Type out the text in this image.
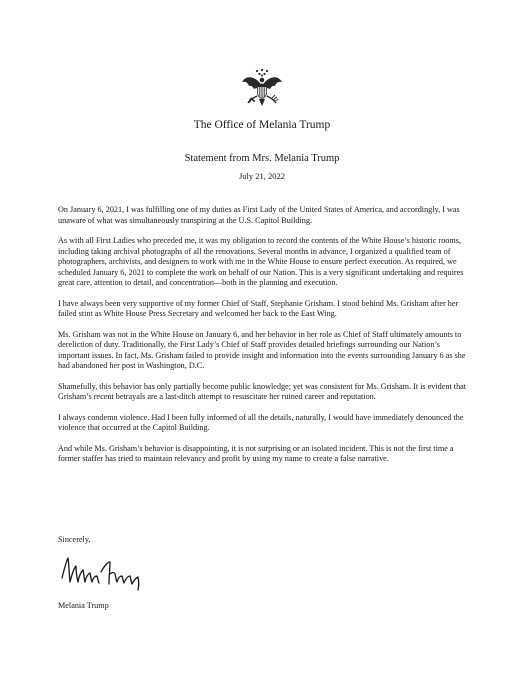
The Office of Melania Trump
Statement from Mrs. Melania Trump
July 21, 2022

On January 6, 2021, I was fulfilling one of my duties as First Lady of the United States of America, and accordingly, I was unaware of what was simultaneously transpiring at the U.S. Capitol Building.

As with all First Ladies who preceded me, it was my obligation to record the contents of the White House’s historic rooms, including taking archival photographs of all the renovations. Several months in advance, I organized a qualified team of photographers, archivists, and designers to work with me in the White House to ensure perfect execution. As required, we scheduled January 6, 2021 to complete the work on behalf of our Nation. This is a very significant undertaking and requires great care, attention to detail, and concentration—both in the planning and execution.

I have always been very supportive of my former Chief of Staff, Stephanie Grisham. I stood behind Ms. Grisham after her failed stint as White House Press Secretary and welcomed her back to the East Wing.

Ms. Grisham was not in the White House on January 6, and her behavior in her role as Chief of Staff ultimately amounts to dereliction of duty. Traditionally, the First Lady’s Chief of Staff provides detailed briefings surrounding our Nation’s important issues. In fact, Ms. Grisham failed to provide insight and information into the events surrounding January 6 as she had abandoned her post in Washington, D.C.

Shamefully, this behavior has only partially become public knowledge; yet was consistent for Ms. Grisham. It is evident that Grisham’s recent betrayals are a last-ditch attempt to resuscitate her ruined career and reputation.

I always condemn violence. Had I been fully informed of all the details, naturally, I would have immediately denounced the violence that occurred at the Capitol Building.

And while Ms. Grisham’s behavior is disappointing, it is not surprising or an isolated incident. This is not the first time a former staffer has tried to maintain relevancy and profit by using my name to create a false narrative.

Sincerely,
Melania Trump
